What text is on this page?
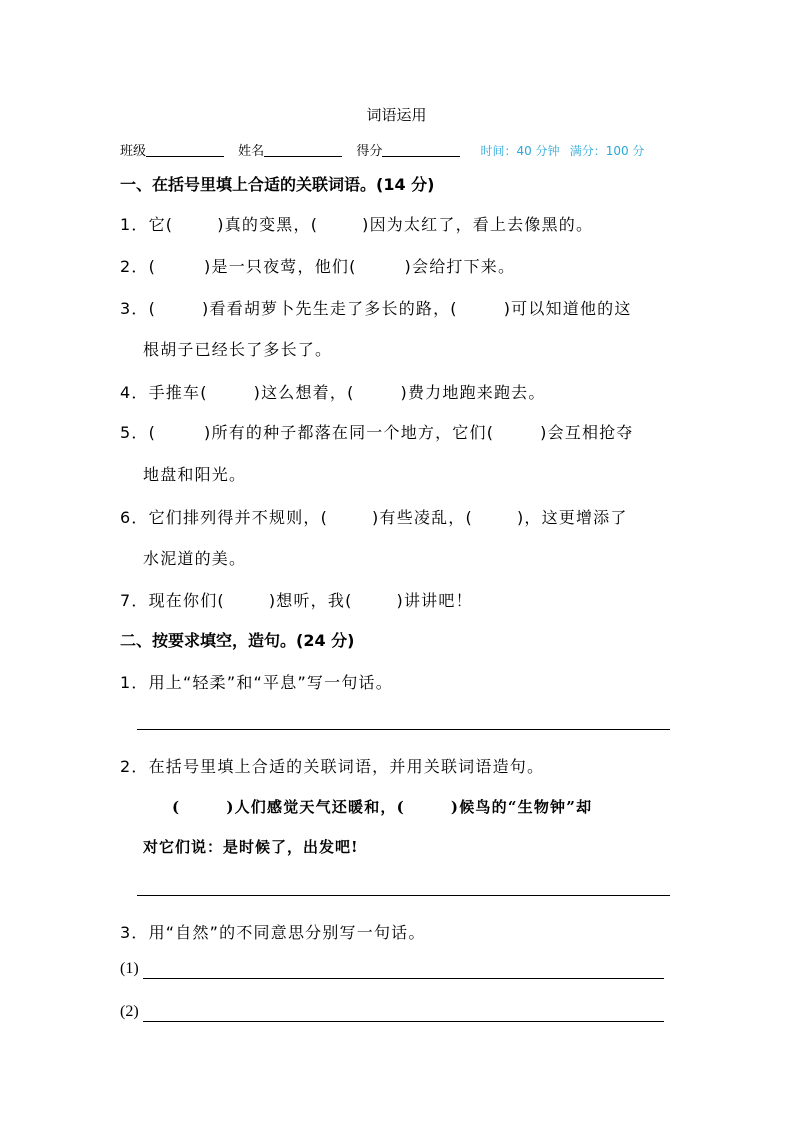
词语运用
班级	姓名	得分	时间：40 分钟 满分：100 分
一、在括号里填上合适的关联词语。(14 分)
1．它(	)真的变黑，(	)因为太红了，看上去像黑的。
2．(	)是一只夜莺，他们(	)会给打下来。
3．(	)看看胡萝卜先生走了多长的路，(	)可以知道他的这
根胡子已经长了多长了。
4．手推车(	)这么想着，(	)费力地跑来跑去。
5．(	)所有的种子都落在同一个地方，它们(	)会互相抢夺
地盘和阳光。
6．它们排列得并不规则，(	)有些凌乱，(	)，这更增添了
水泥道的美。
7．现在你们(	)想听，我(	)讲讲吧！
二、按要求填空，造句。(24 分)
1．用上“轻柔”和“平息”写一句话。
2．在括号里填上合适的关联词语，并用关联词语造句。
(	)人们感觉天气还暖和，(	)候鸟的“生物钟”却
对它们说：是时候了，出发吧!
3．用“自然”的不同意思分别写一句话。
(1)
(2)
